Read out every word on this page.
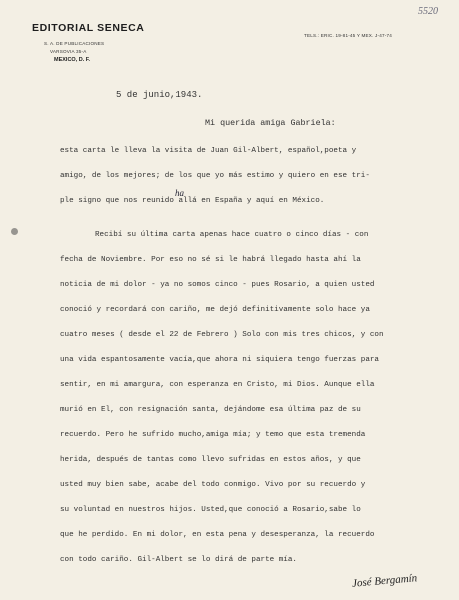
5520
EDITORIAL SENECA
S. A. DE PUBLICACIONES
VARSOVIA 35-A
MEXICO, D. F.
TELS.: ERIC. 19-81-45 Y MEX. J-47-74
5 de junio,1943.
Mi querida amiga Gabriela:
ha
esta carta le lleva la visita de Juan Gil-Albert, español,poeta y
amigo, de los mejores; de los que yo más estimo y quiero en ese tri-
ple signo que nos reunido allá en España y aquí en México.
Recibí su última carta apenas hace cuatro o cinco días - con
fecha de Noviembre. Por eso no sé si le habrá llegado hasta ahí la
noticia de mi dolor - ya no somos cinco - pues Rosario, a quien usted
conoció y recordará con cariño, me dejó definitivamente solo hace ya
cuatro meses ( desde el 22 de Febrero ) Solo con mis tres chicos, y con
una vida espantosamente vacía,que ahora ni siquiera tengo fuerzas para
sentir, en mi amargura, con esperanza en Cristo, mi Dios. Aunque ella
murió en El, con resignación santa, dejándome esa última paz de su
recuerdo. Pero he sufrido mucho,amiga mía; y temo que esta tremenda
herida, después de tantas como llevo sufridas en estos años, y que
usted muy bien sabe, acabe del todo conmigo. Vivo por su recuerdo y
su voluntad en nuestros hijos. Usted,que conoció a Rosario,sabe lo
que he perdido. En mi dolor, en esta pena y desesperanza, la recuerdo
con todo cariño. Gil-Albert se lo dirá de parte mía.
José Bergamín
